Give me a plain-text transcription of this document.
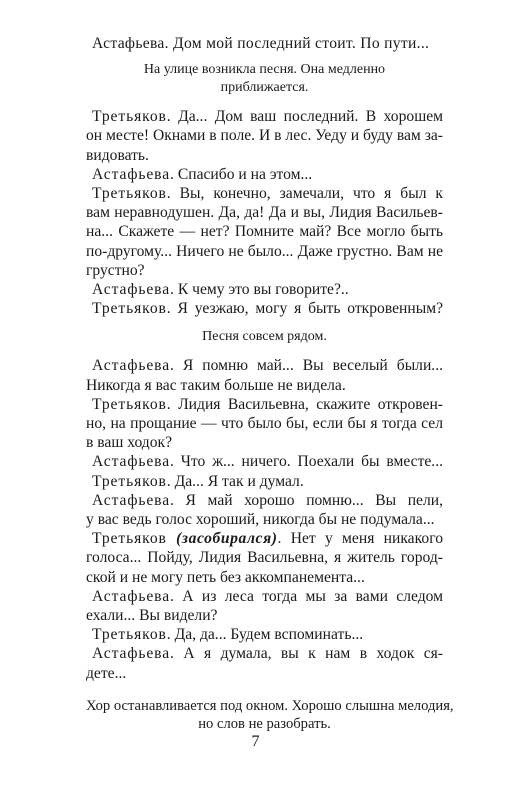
Астафьева. Дом мой последний стоит. По пути...
На улице возникла песня. Она медленно
приближается.
Третьяков. Да... Дом ваш последний. В хорошем
он месте! Окнами в поле. И в лес. Уеду и буду вам за-
видовать.
Астафьева. Спасибо и на этом...
Третьяков. Вы, конечно, замечали, что я был к
вам неравнодушен. Да, да! Да и вы, Лидия Васильев-
на... Скажете — нет? Помните май? Все могло быть
по-другому... Ничего не было... Даже грустно. Вам не
грустно?
Астафьева. К чему это вы говорите?..
Третьяков. Я уезжаю, могу я быть откровенным?
Песня совсем рядом.
Астафьева. Я помню май... Вы веселый были...
Никогда я вас таким больше не видела.
Третьяков. Лидия Васильевна, скажите откровен-
но, на прощание — что было бы, если бы я тогда сел
в ваш ходок?
Астафьева. Что ж... ничего. Поехали бы вместе...
Третьяков. Да... Я так и думал.
Астафьева. Я май хорошо помню... Вы пели,
у вас ведь голос хороший, никогда бы не подумала...
Третьяков (засобирался). Нет у меня никакого
голоса... Пойду, Лидия Васильевна, я житель город-
ской и не могу петь без аккомпанемента...
Астафьева. А из леса тогда мы за вами следом
ехали... Вы видели?
Третьяков. Да, да... Будем вспоминать...
Астафьева. А я думала, вы к нам в ходок ся-
дете...
Хор останавливается под окном. Хорошо слышна мелодия,
но слов не разобрать.
7
